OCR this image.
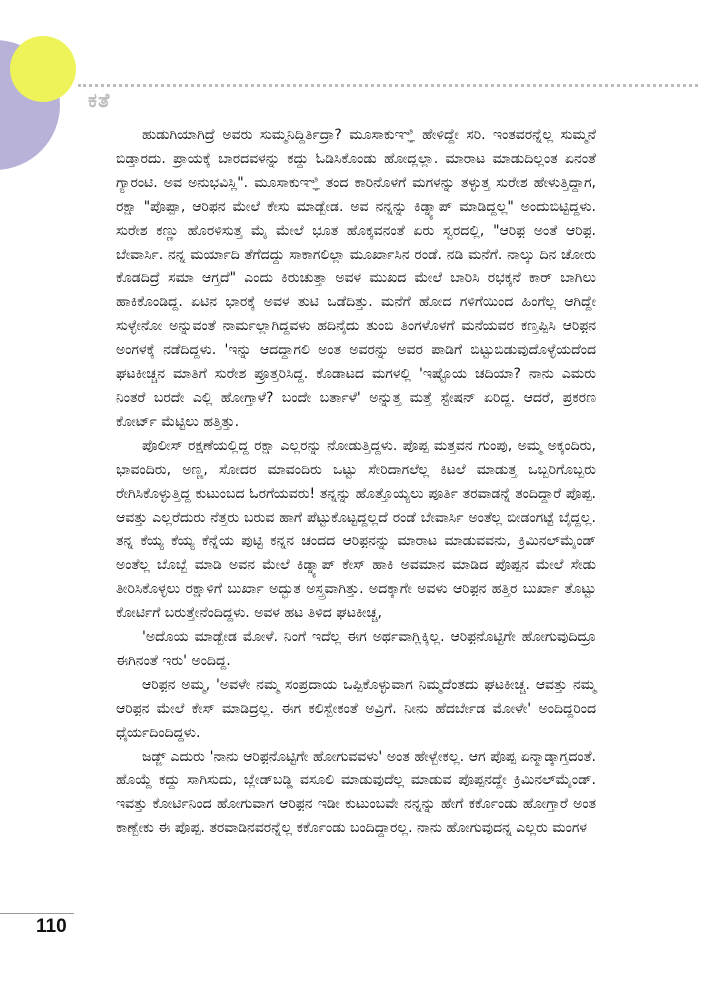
ಕತೆ

ಹುಡುಗಿಯಾಗಿದ್ರೆ ಅವರು ಸುಮ್ಮನಿದ್ದಿರ್ತಿದ್ರಾ? ಮೂಸಾಕುಞ್ಞಿ ಹೇಳಿದ್ದೇ ಸರಿ. ಇಂತವರನ್ನೆಲ್ಲ ಸುಮ್ಮನೆ ಬಿಡ್ತಾರದು. ಪ್ರಾಯಕ್ಕೆ ಬಾರದವಳನ್ನು ಕದ್ದು ಓಡಿಸಿಕೊಂಡು ಹೋದ್ಲಲ್ಲಾ. ಮಾರಾಟ ಮಾಡುದಿಲ್ಲಂತ ಏನಂತೆ ಗ್ಯಾರಂಟಿ. ಅವ ಅನುಭವಿಸ್ಲಿ". ಮೂಸಾಕುಞ್ಞಿ ತಂದ ಕಾರಿನೊಳಗೆ ಮಗಳನ್ನು ತಳ್ಳುತ್ತ ಸುರೇಶ ಹೇಳುತ್ತಿದ್ದಾಗ, ರಕ್ಷಾ "ಪೊಪ್ಪಾ, ಆರಿಫನ ಮೇಲೆ ಕೇಸು ಮಾಡ್ಬೇಡ. ಅವ ನನ್ನನ್ನು ಕಿಡ್ನ್ಯಾಪ್ ಮಾಡಿದ್ದಲ್ಲ" ಅಂದುಬಿಟ್ಟಿದ್ದಳು. ಸುರೇಶ ಕಣ್ಣು ಹೊರಳಿಸುತ್ತ ಮೈ ಮೇಲೆ ಭೂತ ಹೊಕ್ಕವನಂತೆ ಏರು ಸ್ವರದಲ್ಲಿ, "ಆರಿಫ಼ ಅಂತೆ ಆರಿಫ಼. ಬೇವಾರ್ಸಿ. ನನ್ನ ಮರ್ಯಾದಿ ತೆಗೆದದ್ದು ಸಾಕಾಗಲಿಲ್ಲಾ ಮೂರ್ಖಾಸಿನ ರಂಡೆ. ನಡಿ ಮನೆಗೆ. ನಾಲ್ಕು ದಿನ ಚೋರು ಕೊಡದಿದ್ರೆ ಸಮಾ ಆಗ್ತದೆ" ಎಂದು ಕಿರುಚುತ್ತಾ ಅವಳ ಮುಖದ ಮೇಲೆ ಬಾರಿಸಿ ರಭಕ್ಕನೆ ಕಾರ್ ಬಾಗಿಲು ಹಾಕಿಕೊಂಡಿದ್ದ. ಏಟಿನ ಭಾರಕ್ಕೆ ಅವಳ ತುಟಿ ಒಡೆದಿತ್ತು. ಮನೆಗೆ ಹೋದ ಗಳಿಗೆಯಿಂದ ಹಿಂಗೆಲ್ಲ ಆಗಿದ್ದೇ ಸುಳ್ಳೇನೋ ಅನ್ನುವಂತೆ ನಾರ್ಮಲ್ಲಾಗಿದ್ದವಳು ಹದಿನೈದು ತುಂಬಿ ತಿಂಗಳೊಳಗೆ ಮನೆಯವರ ಕಣ್ತಪ್ಪಿಸಿ ಆರಿಫ಼ನ ಅಂಗಳಕ್ಕೆ ನಡೆದಿದ್ದಳು. 'ಇನ್ನು ಆದದ್ದಾಗಲಿ ಅಂತ ಅವರನ್ನು ಅವರ ಪಾಡಿಗೆ ಬಿಟ್ಟುಬಿಡುವುದೊಳ್ಳೆಯದೆಂದ ಘಟಕೀಚ್ಚನ ಮಾತಿಗೆ ಸುರೇಶ ಪ್ರೂತ್ತರಿಸಿದ್ದ. ಕೊಡಾಟದ ಮಗಳಲ್ಲಿ 'ಇಷ್ಟೊಯ ಚದಿಯಾ? ನಾನು ಎಮರು ನಿಂತರೆ ಬರದೇ ಎಲ್ಲಿ ಹೋಗ್ತಾಳೆ? ಬಂದೇ ಬರ್ತಾಳೆ' ಅನ್ನುತ್ತ ಮತ್ತೆ ಸ್ಟೇಷನ್ ಏರಿದ್ದ. ಆದರೆ, ಪ್ರಕರಣ ಕೋರ್ಟ್ ಮೆಟ್ಟಿಲು ಹತ್ತಿತ್ತು.

ಪೊಲೀಸ್ ರಕ್ಷಣೆಯಲ್ಲಿದ್ದ ರಕ್ಷಾ ಎಲ್ಲರನ್ನು ನೋಡುತ್ತಿದ್ದಳು. ಪೊಪ್ಪ ಮತ್ತವನ ಗುಂಪು, ಅಮ್ಮ ಅಕ್ಕಂದಿರು, ಭಾವಂದಿರು, ಅಣ್ಣ, ಸೋದರ ಮಾವಂದಿರು ಒಟ್ಟು ಸೇರಿದಾಗಲೆಲ್ಲ ಕಿಟಲೆ ಮಾಡುತ್ತ ಒಬ್ಬರಿಗೊಬ್ಬರು ರೇಗಿಸಿಕೊಳ್ಳುತ್ತಿದ್ದ ಕುಟುಂಬದ ಓರಗೆಯವರು! ತನ್ನನ್ನು ಹೊತ್ತೊಯ್ಯಲು ಪೂರ್ತಿ ತರವಾಡನ್ನೆ ತಂದಿದ್ದಾರೆ ಪೊಪ್ಪ. ಆವತ್ತು ಎಲ್ಲರೆದುರು ನೆತ್ತರು ಬರುವ ಹಾಗೆ ಪೆಟ್ಟುಕೊಟ್ಟದ್ದಲ್ಲದೆ ರಂಡೆ ಬೇವಾರ್ಸಿ ಅಂತೆಲ್ಲ ಬೀಡಂಗಟ್ಟೆ ಬೈದ್ದಲ್ಲ. ತನ್ನ ಕೆಯ್ಯ ಕೆಯ್ಯ ಕೆನ್ನೆಯ ಪುಟ್ಟಿ ಕನ್ನನ ಚಂದದ ಆರಿಫ಼ನನ್ನು ಮಾರಾಟ ಮಾಡುವವನು, ಕ್ರಿಮಿನಲ್‌ಮೈಂಡ್ ಅಂತೆಲ್ಲ ಬೊಬ್ಬೆ ಮಾಡಿ ಅವನ ಮೇಲೆ ಕಿಡ್ನ್ಯಾಪ್ ಕೇಸ್ ಹಾಕಿ ಅವಮಾನ ಮಾಡಿದ ಪೊಪ್ಪನ ಮೇಲೆ ಸೇಡು ತೀರಿಸಿಕೊಳ್ಳಲು ರಕ್ಷಾಳಿಗೆ ಬುರ್ಖಾ ಅದ್ಭುತ ಅಸ್ತ್ರವಾಗಿತ್ತು. ಅದಕ್ಕಾಗೇ ಅವಳು ಆರಿಫ಼ನ ಹತ್ತಿರ ಬುರ್ಖಾ ತೊಟ್ಟು ಕೋರ್ಟಿಗೆ ಬರುತ್ತೇನೆಂದಿದ್ದಳು. ಅವಳ ಹಟ ತಿಳಿದ ಘಟಕೀಚ್ಚ,

'ಅದೊಯ ಮಾಡ್ಬೇಡ ಮೋಳೆ. ನಿಂಗೆ ಇದೆಲ್ಲ ಈಗ ಅರ್ಥವಾಗ್ಲಿಕ್ಕಿಲ್ಲ. ಆರಿಫ಼ನೊಟ್ಟಿಗೇ ಹೋಗುವುದಿದ್ರೂ ಈಗಿನಂತೆ ಇರು' ಅಂದಿದ್ದ.

ಆರಿಫ಼ನ ಅಮ್ಮ, 'ಅವಳೇ ನಮ್ಮ ಸಂಪ್ರದಾಯ ಒಪ್ಪಿಕೊಳ್ಳುವಾಗ ನಿಮ್ಮದೆಂತದು ಘಟಕೀಚ್ಚ. ಆವತ್ತು ನಮ್ಮ ಆರಿಫ಼ನ ಮೇಲೆ ಕೇಸ್ ಮಾಡಿದ್ರಲ್ಲ. ಈಗ ಕಲಿಸ್ಬೇಕಂತೆ ಅವ್ರಿಗೆ. ನೀನು ಹೆದರ್ಬೇಡ ಮೋಳೇ' ಅಂದಿದ್ದರಿಂದ ಧೈರ್ಯದಿಂದಿದ್ದಳು.

ಜಡ್ಜ್ ಎದುರು 'ನಾನು ಆರಿಫ಼ನೊಟ್ಟಿಗೇ ಹೋಗುವವಳು' ಅಂತ ಹೇಳ್ಬೇಕಲ್ಲ. ಆಗ ಪೊಪ್ಪ ಏನ್ಮಾಡ್ಕಾಗ್ತದಂತೆ. ಹೊಯ್ದೆ ಕದ್ದು ಸಾಗಿಸುದು, ಬ್ಲೇಡ್‌ಬಡ್ಡಿ ವಸೂಲಿ ಮಾಡುವುದೆಲ್ಲ ಮಾಡುವ ಪೊಪ್ಪನದ್ದೇ ಕ್ರಿಮಿನಲ್‌ಮೈಂಡ್. ಇವತ್ತು ಕೋರ್ಟಿನಿಂದ ಹೋಗುವಾಗ ಆರಿಫ಼ನ ಇಡೀ ಕುಟುಂಬವೇ ನನ್ನನ್ನು ಹೇಗೆ ಕರ್ಕೊಂಡು ಹೋಗ್ತಾರೆ ಅಂತ ಕಾಣ್ಬೇಕು ಈ ಪೊಪ್ಪ. ತರವಾಡಿನವರನ್ನೆಲ್ಲ ಕರ್ಕೊಂಡು ಬಂದಿದ್ದಾರಲ್ಲ. ನಾನು ಹೋಗುವುದನ್ನ ಎಲ್ಲರು ಮಂಗಳ

110
